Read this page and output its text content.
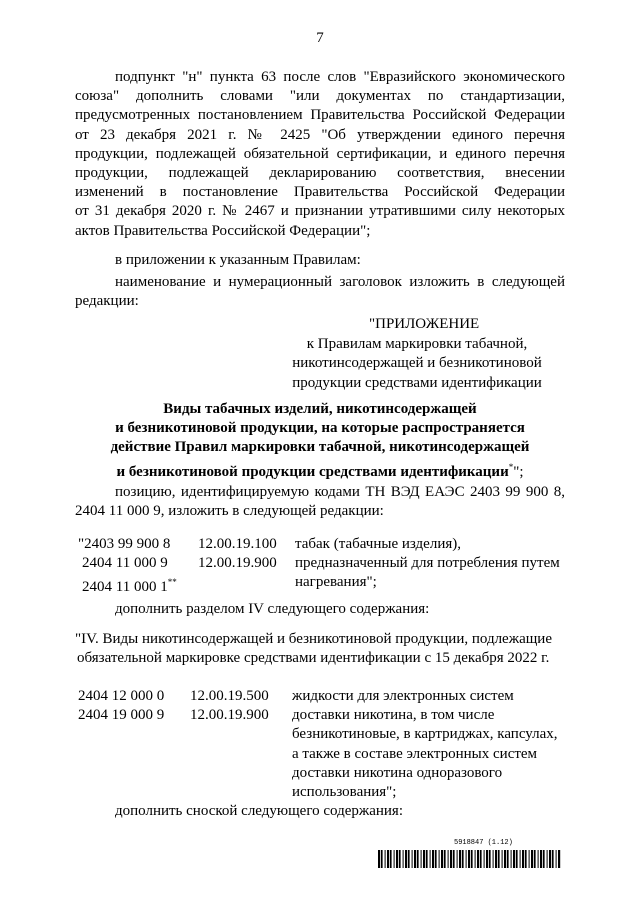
7
подпункт "н" пункта 63 после слов "Евразийского экономического
союза" дополнить словами "или документах по стандартизации,
предусмотренных постановлением Правительства Российской Федерации
от 23 декабря 2021 г. № 2425 "Об утверждении единого перечня
продукции, подлежащей обязательной сертификации, и единого перечня
продукции, подлежащей декларированию соответствия, внесении
изменений в постановление Правительства Российской Федерации
от 31 декабря 2020 г. № 2467 и признании утратившими силу некоторых
актов Правительства Российской Федерации";
в приложении к указанным Правилам:
наименование и нумерационный заголовок изложить в следующей
редакции:
"ПРИЛОЖЕНИЕ
к Правилам маркировки табачной,
никотинсодержащей и безникотиновой
продукции средствами идентификации
Виды табачных изделий, никотинсодержащей
и безникотиновой продукции, на которые распространяется
действие Правил маркировки табачной, никотинсодержащей
и безникотиновой продукции средствами идентификации*";
позицию, идентифицируемую кодами ТН ВЭД ЕАЭС 2403 99 900 8,
2404 11 000 9, изложить в следующей редакции:
"2403 99 900 8
2404 11 000 9
2404 11 000 1**
12.00.19.100
12.00.19.900
табак (табачные изделия),
предназначенный для потребления путем
нагревания";
дополнить разделом IV следующего содержания:
"IV. Виды никотинсодержащей и безникотиновой продукции, подлежащие
обязательной маркировке средствами идентификации с 15 декабря 2022 г.
2404 12 000 0
2404 19 000 9
12.00.19.500
12.00.19.900
жидкости для электронных систем
доставки никотина, в том числе
безникотиновые, в картриджах, капсулах,
а также в составе электронных систем
доставки никотина одноразового
использования";
дополнить сноской следующего содержания:
5918847 (1.12)
